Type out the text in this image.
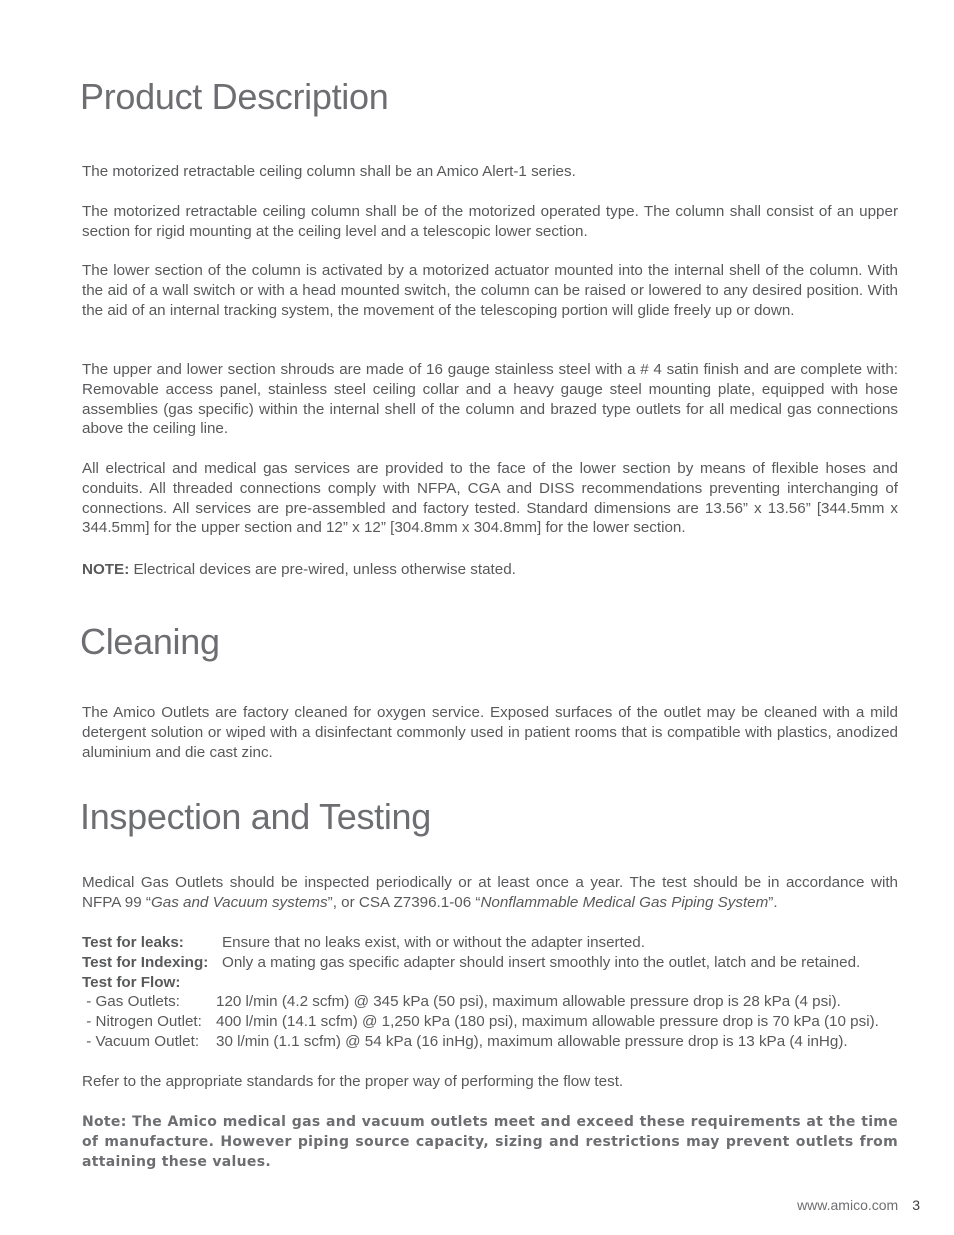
Product Description

The motorized retractable ceiling column shall be an Amico Alert-1 series.

The motorized retractable ceiling column shall be of the motorized operated type. The column shall consist of an upper section for rigid mounting at the ceiling level and a telescopic lower section.

The lower section of the column is activated by a motorized actuator mounted into the internal shell of the column. With the aid of a wall switch or with a head mounted switch, the column can be raised or lowered to any desired position. With the aid of an internal tracking system, the movement of the telescoping portion will glide freely up or down.

The upper and lower section shrouds are made of 16 gauge stainless steel with a # 4 satin finish and are complete with: Removable access panel, stainless steel ceiling collar and a heavy gauge steel mounting plate, equipped with hose assemblies (gas specific) within the internal shell of the column and brazed type outlets for all medical gas connections above the ceiling line.

All electrical and medical gas services are provided to the face of the lower section by means of flexible hoses and conduits. All threaded connections comply with NFPA, CGA and DISS recommendations preventing interchanging of connections. All services are pre-assembled and factory tested. Standard dimensions are 13.56” x 13.56” [344.5mm x 344.5mm] for the upper section and 12” x 12” [304.8mm x 304.8mm] for the lower section.

NOTE: Electrical devices are pre-wired, unless otherwise stated.

Cleaning

The Amico Outlets are factory cleaned for oxygen service. Exposed surfaces of the outlet may be cleaned with a mild detergent solution or wiped with a disinfectant commonly used in patient rooms that is compatible with plastics, anodized aluminium and die cast zinc.

Inspection and Testing

Medical Gas Outlets should be inspected periodically or at least once a year. The test should be in accordance with NFPA 99 “Gas and Vacuum systems”, or CSA Z7396.1-06 “Nonflammable Medical Gas Piping System”.

Test for leaks:	Ensure that no leaks exist, with or without the adapter inserted.

Test for Indexing: Only a mating gas specific adapter should insert smoothly into the outlet, latch and be retained.

Test for Flow:

- Gas Outlets: 120 l/min (4.2 scfm) @ 345 kPa (50 psi), maximum allowable pressure drop is 28 kPa (4 psi).

- Nitrogen Outlet: 400 l/min (14.1 scfm) @ 1,250 kPa (180 psi), maximum allowable pressure drop is 70 kPa (10 psi).

- Vacuum Outlet: 30 l/min (1.1 scfm) @ 54 kPa (16 inHg), maximum allowable pressure drop is 13 kPa (4 inHg).

Refer to the appropriate standards for the proper way of performing the flow test.

Note: The Amico medical gas and vacuum outlets meet and exceed these requirements at the time of manufacture. However piping source capacity, sizing and restrictions may prevent outlets from attaining these values.

www.amico.com 3
